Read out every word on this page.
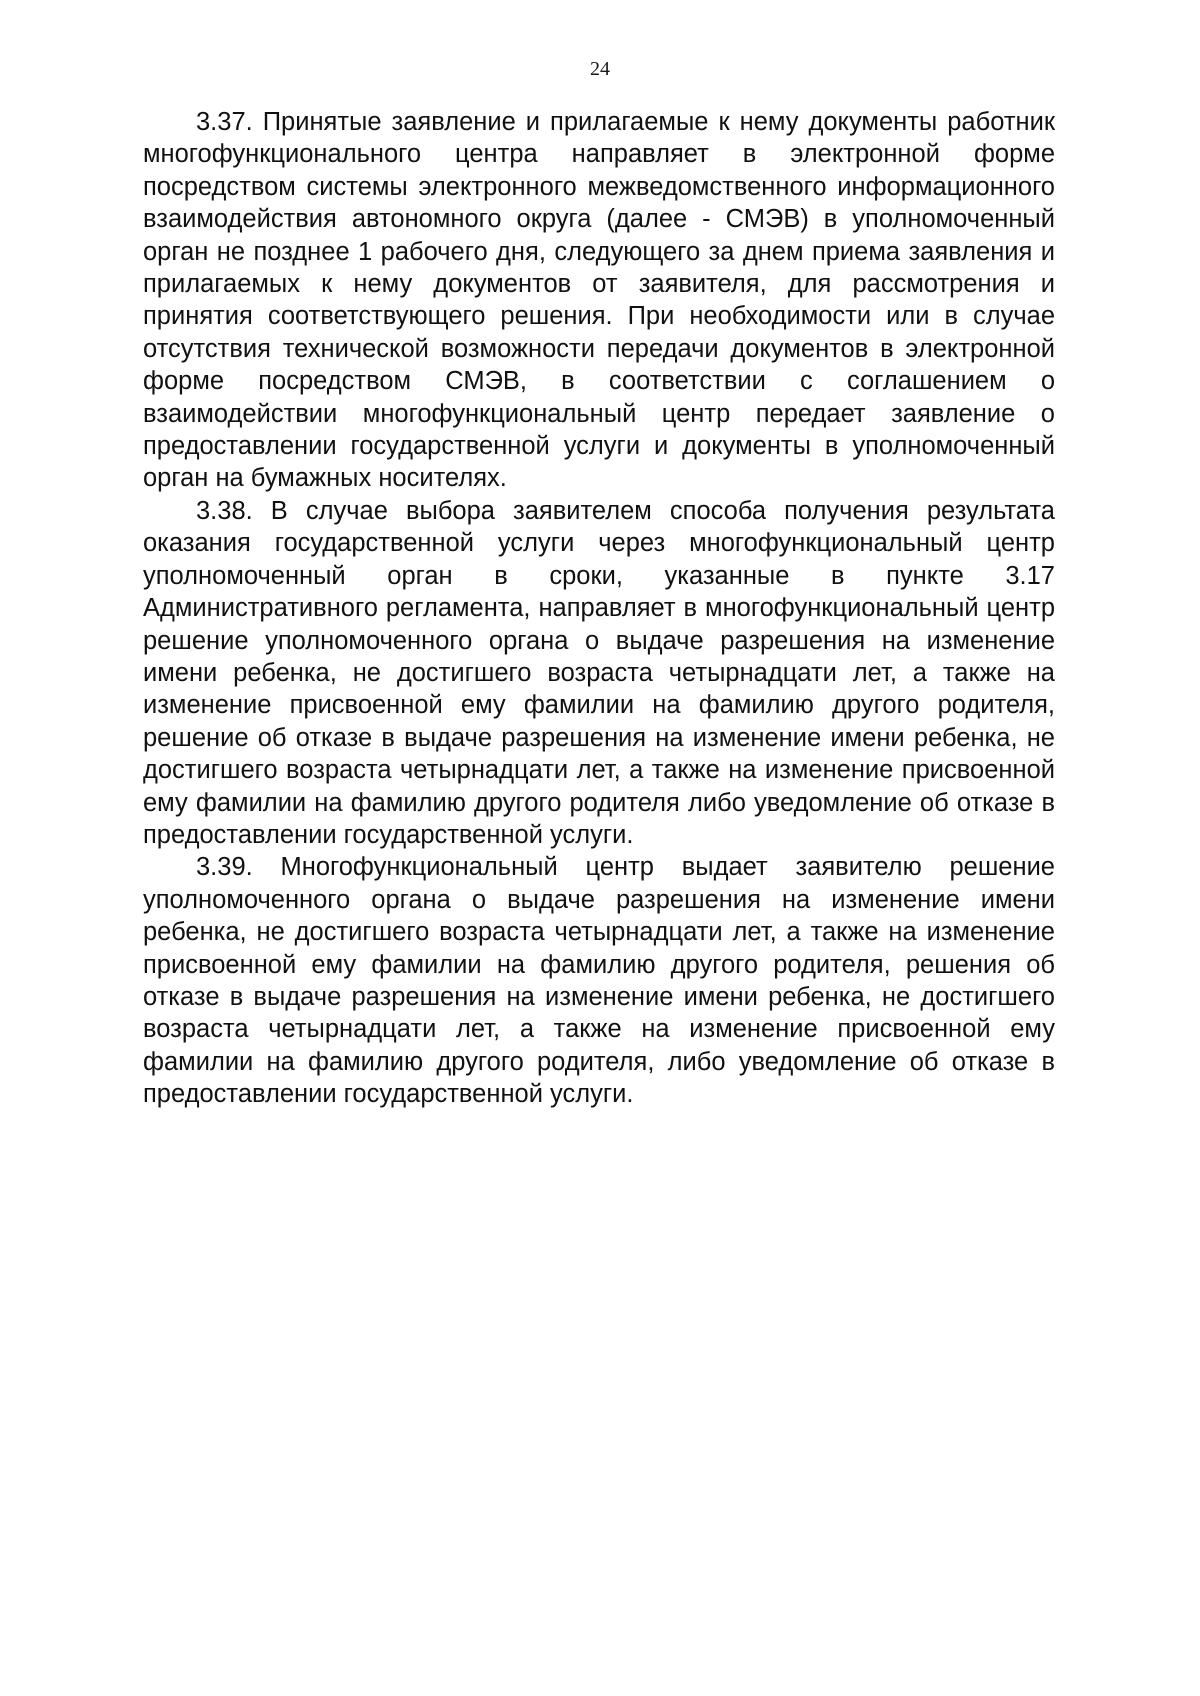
24

3.37. Принятые заявление и прилагаемые к нему документы работник многофункционального центра направляет в электронной форме посредством системы электронного межведомственного информационного взаимодействия автономного округа (далее - СМЭВ) в уполномоченный орган не позднее 1 рабочего дня, следующего за днем приема заявления и прилагаемых к нему документов от заявителя, для рассмотрения и принятия соответствующего решения. При необходимости или в случае отсутствия технической возможности передачи документов в электронной форме посредством СМЭВ, в соответствии с соглашением о взаимодействии многофункциональный центр передает заявление о предоставлении государственной услуги и документы в уполномоченный орган на бумажных носителях.

3.38. В случае выбора заявителем способа получения результата оказания государственной услуги через многофункциональный центр уполномоченный орган в сроки, указанные в пункте 3.17 Административного регламента, направляет в многофункциональный центр решение уполномоченного органа о выдаче разрешения на изменение имени ребенка, не достигшего возраста четырнадцати лет, а также на изменение присвоенной ему фамилии на фамилию другого родителя, решение об отказе в выдаче разрешения на изменение имени ребенка, не достигшего возраста четырнадцати лет, а также на изменение присвоенной ему фамилии на фамилию другого родителя либо уведомление об отказе в предоставлении государственной услуги.

3.39. Многофункциональный центр выдает заявителю решение уполномоченного органа о выдаче разрешения на изменение имени ребенка, не достигшего возраста четырнадцати лет, а также на изменение присвоенной ему фамилии на фамилию другого родителя, решения об отказе в выдаче разрешения на изменение имени ребенка, не достигшего возраста четырнадцати лет, а также на изменение присвоенной ему фамилии на фамилию другого родителя, либо уведомление об отказе в предоставлении государственной услуги.
